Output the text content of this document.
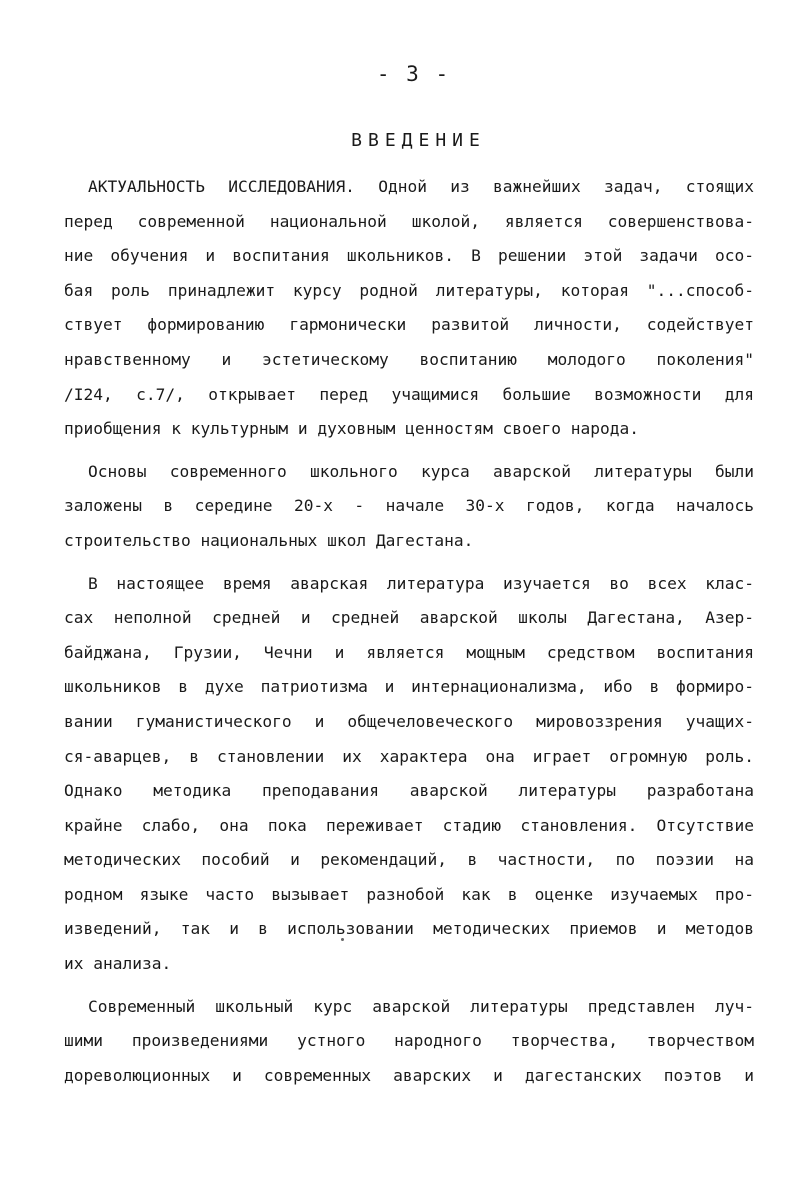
- 3 -
ВВЕДЕНИЕ
АКТУАЛЬНОСТЬ ИССЛЕДОВАНИЯ. Одной из важнейших задач, стоящих
перед современной национальной школой, является совершенствова-
ние обучения и воспитания школьников. В решении этой задачи осо-
бая роль принадлежит курсу родной литературы, которая "...способ-
ствует формированию гармонически развитой личности, содействует
нравственному и эстетическому воспитанию молодого поколения"
/I24, с.7/, открывает перед учащимися большие возможности для
приобщения к культурным и духовным ценностям своего народа.
Основы современного школьного курса аварской литературы были
заложены в середине 20-х - начале 30-х годов, когда началось
строительство национальных школ Дагестана.
В настоящее время аварская литература изучается во всех клас-
сах неполной средней и средней аварской школы Дагестана, Азер-
байджана, Грузии, Чечни и является мощным средством воспитания
школьников в духе патриотизма и интернационализма, ибо в формиро-
вании гуманистического и общечеловеческого мировоззрения учащих-
ся-аварцев, в становлении их характера она играет огромную роль.
Однако методика преподавания аварской литературы разработана
крайне слабо, она пока переживает стадию становления. Отсутствие
методических пособий и рекомендаций, в частности, по поэзии на
родном языке часто вызывает разнобой как в оценке изучаемых про-
изведений, так и в использовании методических приемов и методов
их анализа.
Современный школьный курс аварской литературы представлен луч-
шими произведениями устного народного творчества, творчеством
дореволюционных и современных аварских и дагестанских поэтов и
